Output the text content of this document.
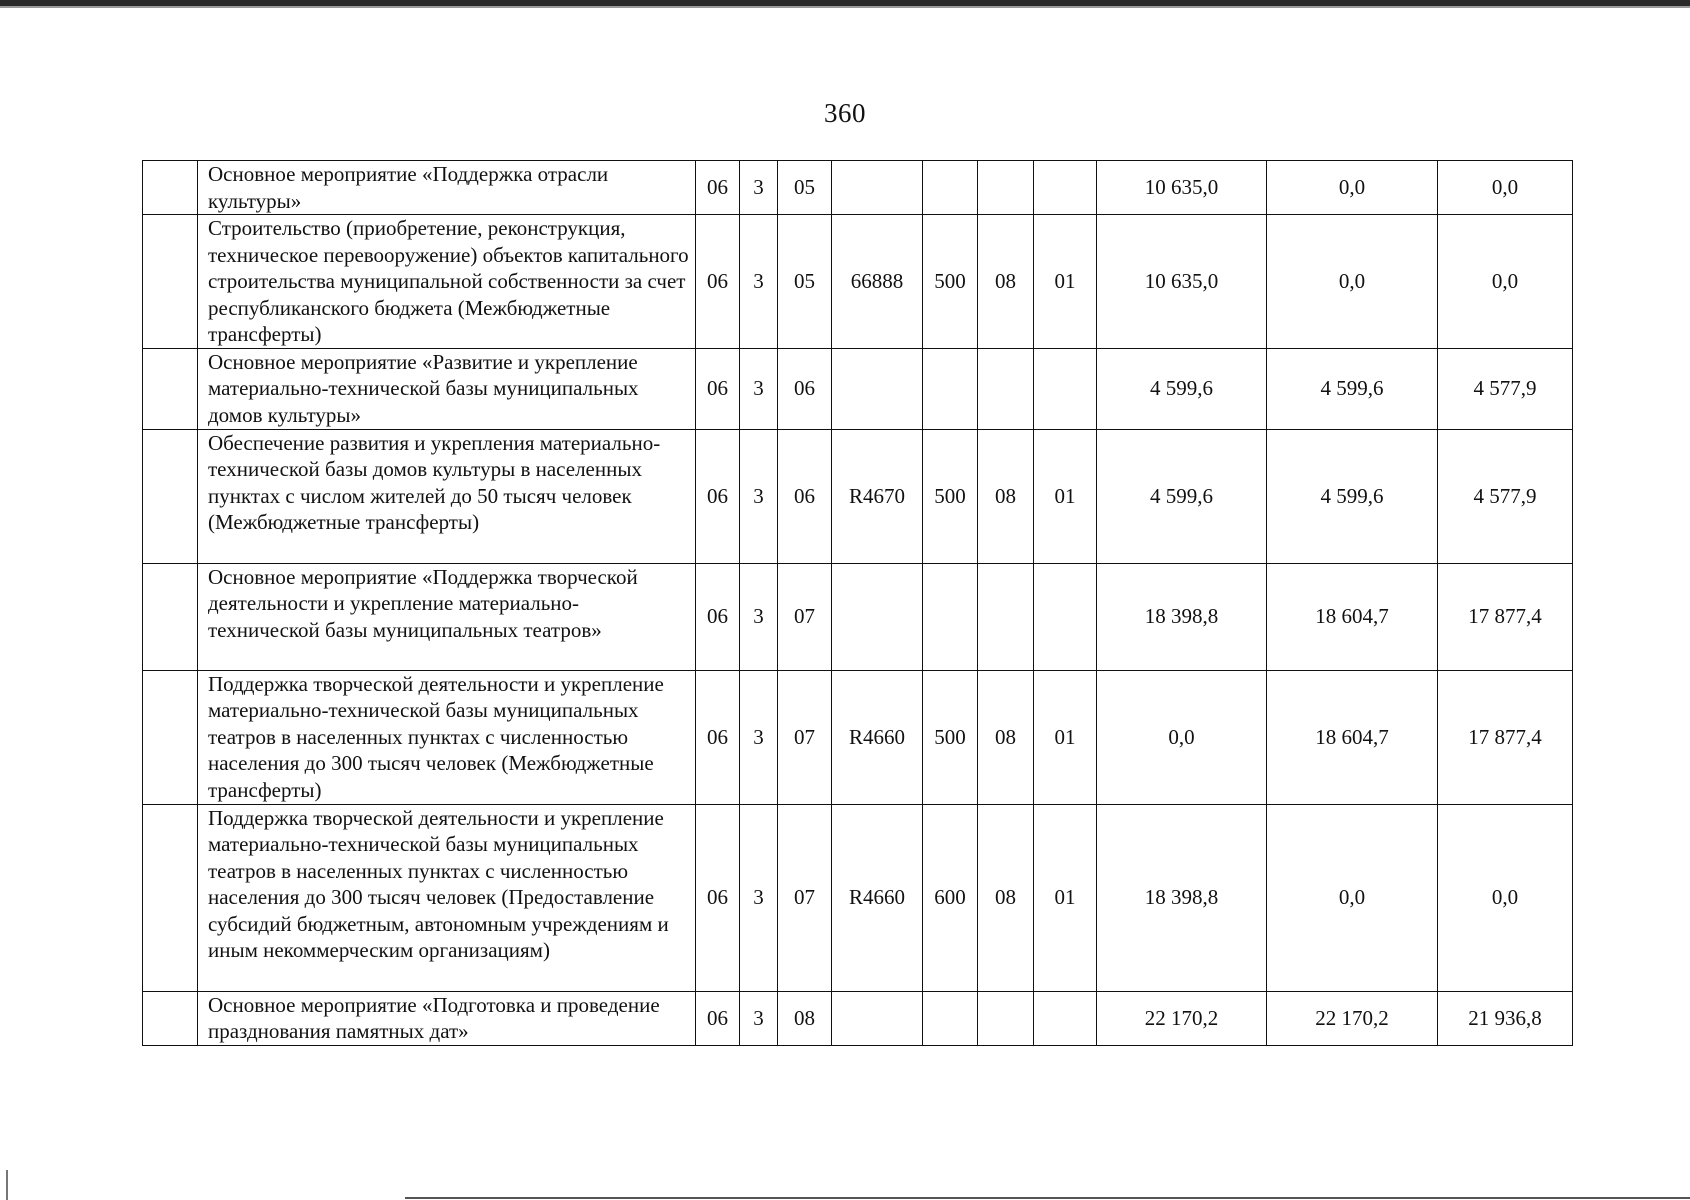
360
	Основное мероприятие «Поддержка отрасли культуры»	06	3	05					10 635,0	0,0	0,0
	Строительство (приобретение, реконструкция, техническое перевооружение) объектов капитального строительства муниципальной собственности за счет республиканского бюджета (Межбюджетные трансферты)	06	3	05	66888	500	08	01	10 635,0	0,0	0,0
	Основное мероприятие «Развитие и укрепление материально-технической базы муниципальных домов культуры»	06	3	06					4 599,6	4 599,6	4 577,9
	Обеспечение развития и укрепления материально-технической базы домов культуры в населенных пунктах с числом жителей до 50 тысяч человек (Межбюджетные трансферты)	06	3	06	R4670	500	08	01	4 599,6	4 599,6	4 577,9
	Основное мероприятие «Поддержка творческой деятельности и укрепление материально-технической базы муниципальных театров»	06	3	07					18 398,8	18 604,7	17 877,4
	Поддержка творческой деятельности и укрепление материально-технической базы муниципальных театров в населенных пунктах с численностью населения до 300 тысяч человек (Межбюджетные трансферты)	06	3	07	R4660	500	08	01	0,0	18 604,7	17 877,4
	Поддержка творческой деятельности и укрепление материально-технической базы муниципальных театров в населенных пунктах с численностью населения до 300 тысяч человек (Предоставление субсидий бюджетным, автономным учреждениям и иным некоммерческим организациям)	06	3	07	R4660	600	08	01	18 398,8	0,0	0,0
	Основное мероприятие «Подготовка и проведение празднования памятных дат»	06	3	08					22 170,2	22 170,2	21 936,8
